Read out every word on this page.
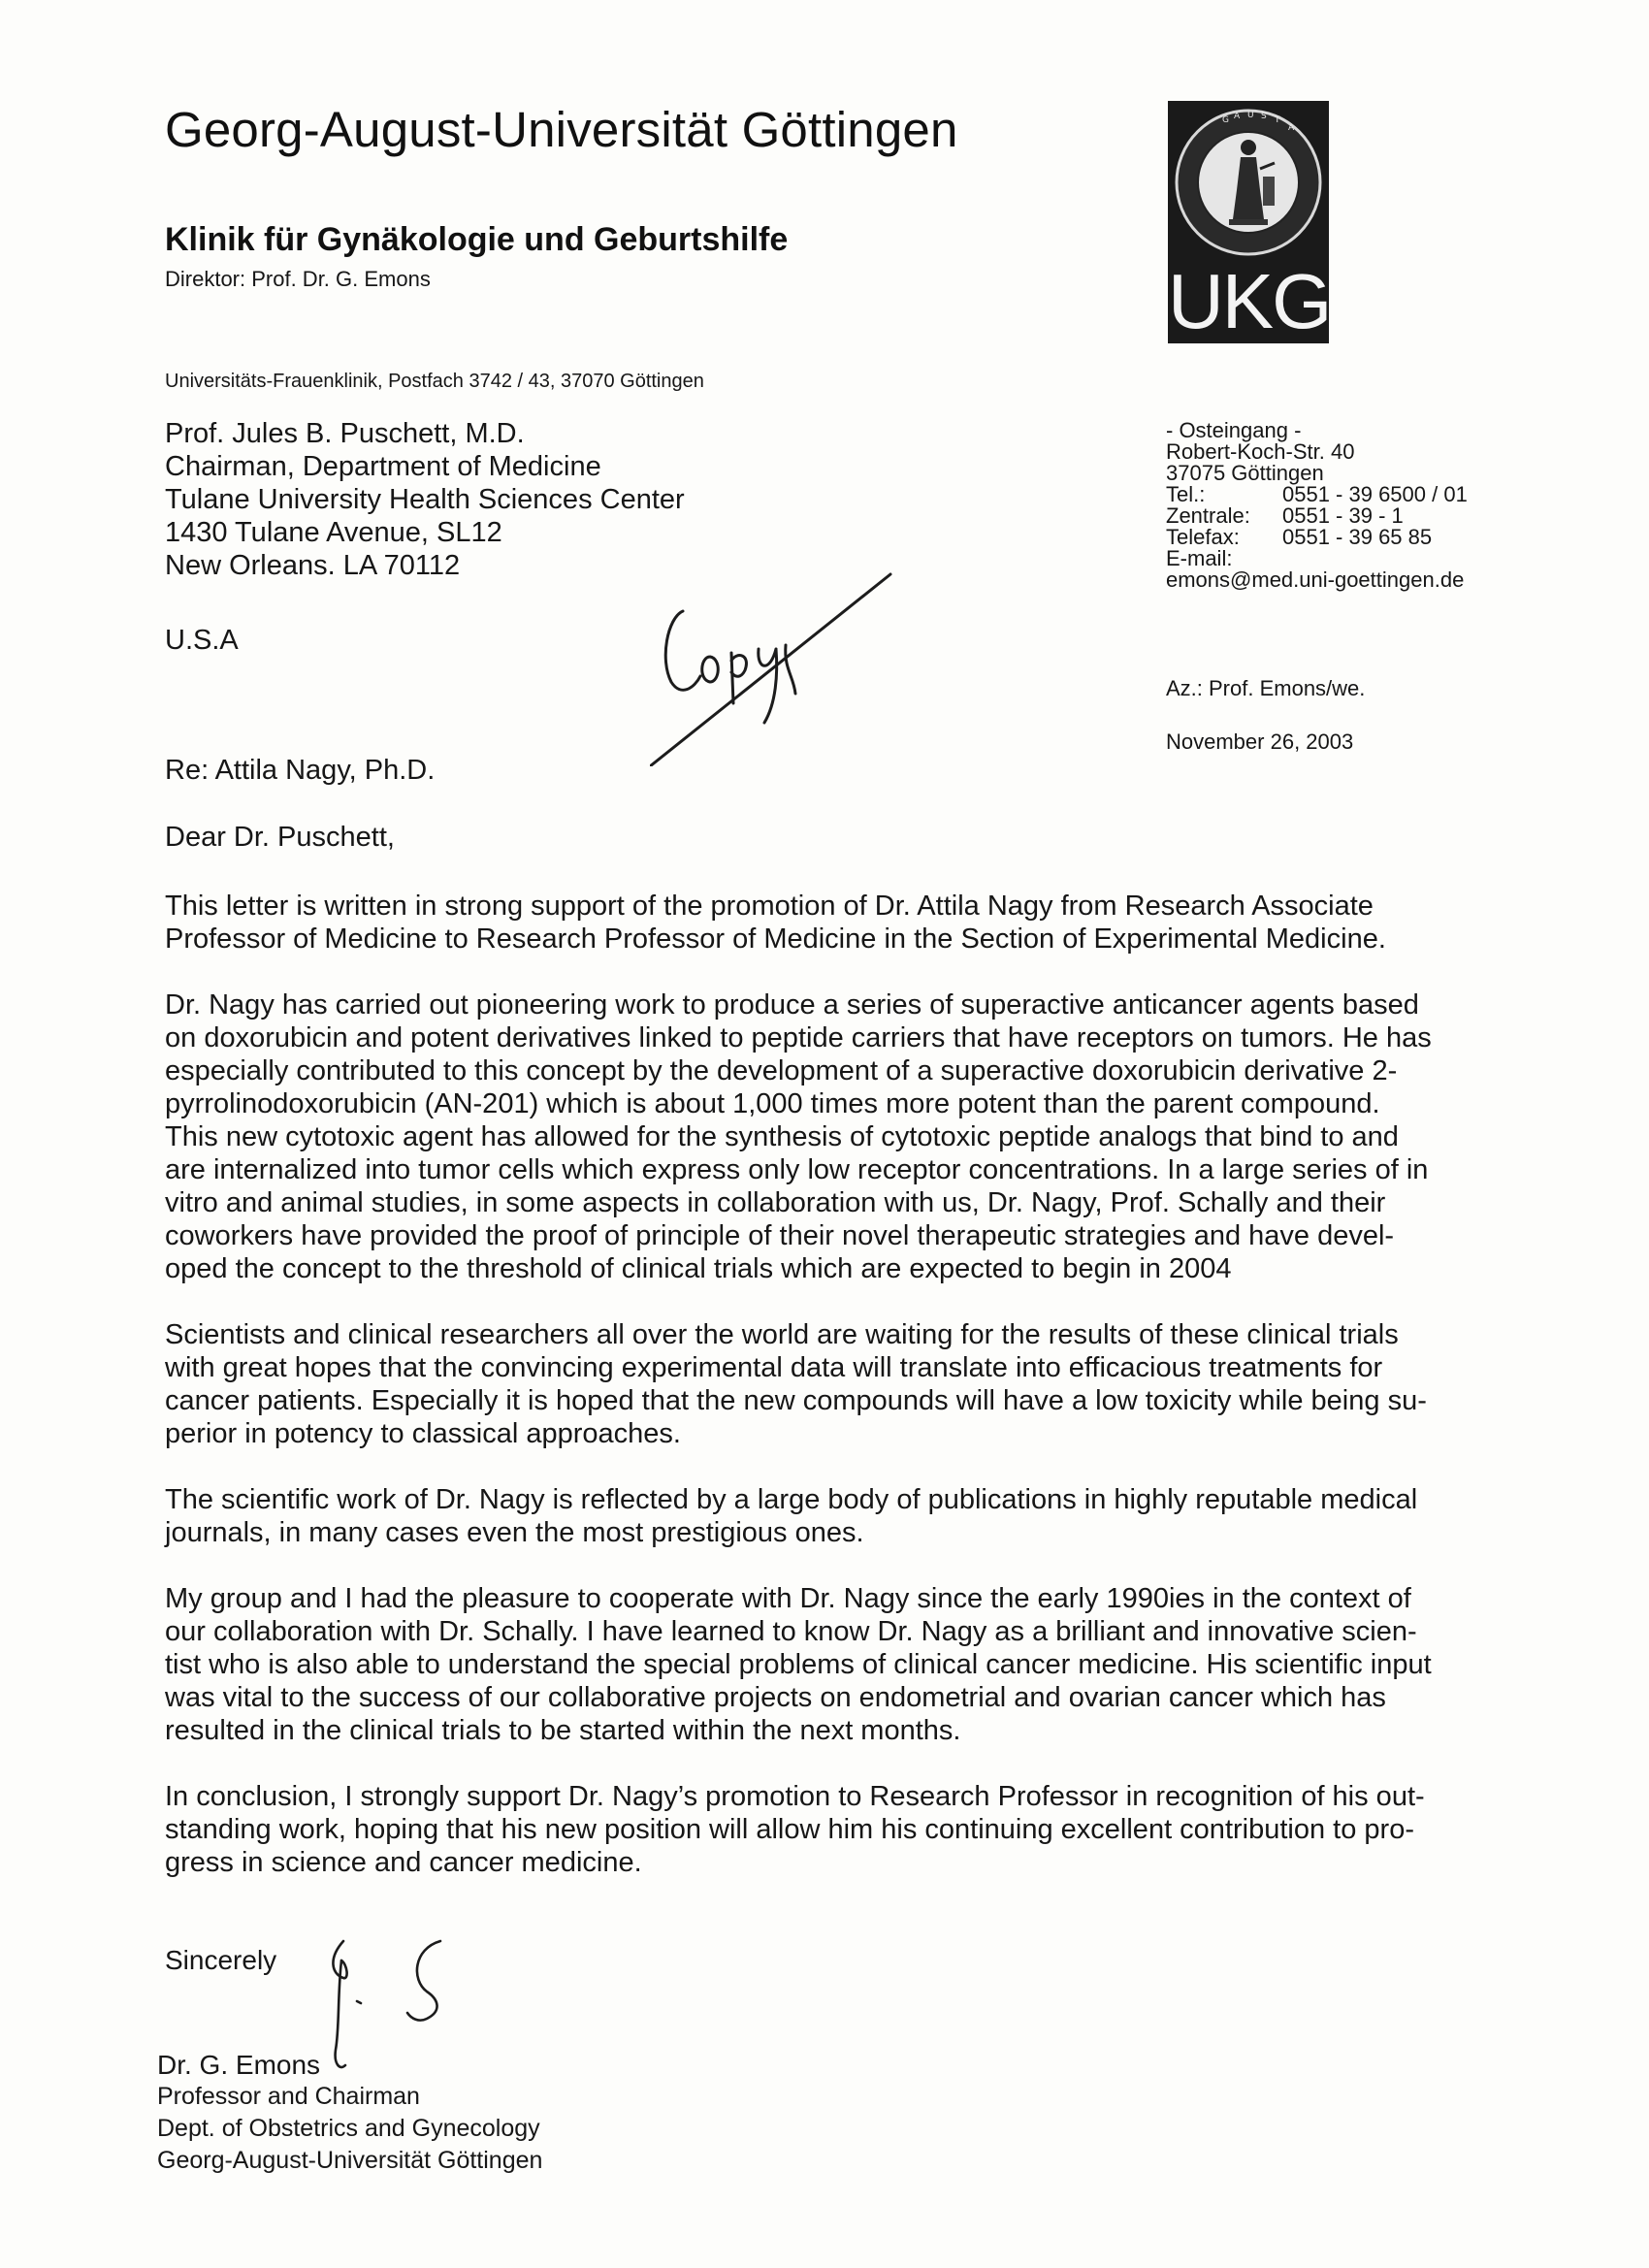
Georg-August-Universität Göttingen
Klinik für Gynäkologie und Geburtshilfe
Direktor: Prof. Dr. G. Emons
Universitäts-Frauenklinik, Postfach 3742 / 43, 37070 Göttingen
G A U S T
A
UKG
Prof. Jules B. Puschett, M.D.
Chairman, Department of Medicine
Tulane University Health Sciences Center
1430 Tulane Avenue, SL12
New Orleans. LA 70112
U.S.A
- Osteingang -
Robert-Koch-Str. 40
37075 Göttingen
Tel.:	0551 - 39 6500 / 01
Zentrale: 0551 - 39 - 1
Telefax: 0551 - 39 65 85
E-mail:
emons@med.uni-goettingen.de
Az.: Prof. Emons/we.
November 26, 2003
Re: Attila Nagy, Ph.D.
Dear Dr. Puschett,
This letter is written in strong support of the promotion of Dr. Attila Nagy from Research Associate
Professor of Medicine to Research Professor of Medicine in the Section of Experimental Medicine.
Dr. Nagy has carried out pioneering work to produce a series of superactive anticancer agents based
on doxorubicin and potent derivatives linked to peptide carriers that have receptors on tumors. He has
especially contributed to this concept by the development of a superactive doxorubicin derivative 2-
pyrrolinodoxorubicin (AN-201) which is about 1,000 times more potent than the parent compound.
This new cytotoxic agent has allowed for the synthesis of cytotoxic peptide analogs that bind to and
are internalized into tumor cells which express only low receptor concentrations. In a large series of in
vitro and animal studies, in some aspects in collaboration with us, Dr. Nagy, Prof. Schally and their
coworkers have provided the proof of principle of their novel therapeutic strategies and have devel-
oped the concept to the threshold of clinical trials which are expected to begin in 2004
Scientists and clinical researchers all over the world are waiting for the results of these clinical trials
with great hopes that the convincing experimental data will translate into efficacious treatments for
cancer patients. Especially it is hoped that the new compounds will have a low toxicity while being su-
perior in potency to classical approaches.
The scientific work of Dr. Nagy is reflected by a large body of publications in highly reputable medical
journals, in many cases even the most prestigious ones.
My group and I had the pleasure to cooperate with Dr. Nagy since the early 1990ies in the context of
our collaboration with Dr. Schally. I have learned to know Dr. Nagy as a brilliant and innovative scien-
tist who is also able to understand the special problems of clinical cancer medicine. His scientific input
was vital to the success of our collaborative projects on endometrial and ovarian cancer which has
resulted in the clinical trials to be started within the next months.
In conclusion, I strongly support Dr. Nagy’s promotion to Research Professor in recognition of his out-
standing work, hoping that his new position will allow him his continuing excellent contribution to pro-
gress in science and cancer medicine.
Sincerely
Dr. G. Emons
Professor and Chairman
Dept. of Obstetrics and Gynecology
Georg-August-Universität Göttingen
